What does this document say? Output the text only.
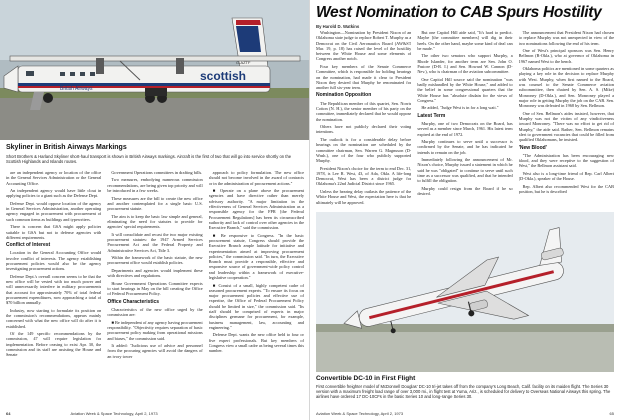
scottish
British Airways
G-AZTF
Skyliner in British Airways Markings
Short Brothers & Harland Skyliner short-haul transport is shown in British Airways markings. Aircraft is the first of two that will go into service shortly on the Scottish Highlands and Islands routes.

are an independent agency or location of the office in the General Services Administration or the General Accounting Office.

An independent agency would have little clout in applying policies to a giant such as the Defense Dept.

Defense Dept. would oppose location of the agency in General Services Administration, another operating agency engaged in procurement with procurement of such common items as buildings and typewriters.

There is concern that GSA might apply policies suitable to GSA but not to defense agencies with different requirements.

Conflict of Interest

Location in the General Accounting Office would involve conflict of interests. The agency establishing procurement policies would also be the agency investigating procurement actions.

Defense Dept.'s overall concern seems to be that the new office will be vested with too much power and will unnecessarily interfere in military procurements that account for approximately 70% of total federal procurement expenditures, now approaching a total of $70 billion annually.

Industry, now starting to formulate its position on the commission's recommendations, appears mainly concerned with what the new office will do after it is established.

Of the 149 specific recommendations by the commission, 47 will require legislation for implementation. Before ceasing to exist Apr. 30, the commission and its staff are assisting the House and Senate

Government Operations committees in drafting bills.

Two measures, embodying numerous commission recommendations, are being given top priority and will be introduced in a few weeks.

These measures are the bill to create the new office and another contemplated for a single basic U.S. procurement statute.

The aim is to keep the basic law simple and general, eliminating the need for statutes to provide for agencies' special requirements.

It will consolidate and recast the two major existing procurement statutes: the 1947 Armed Services Procurement Act and the Federal Property and Administrative Services Act, Title 3.

Within the framework of the basic statute, the new procurement office would establish policies.

Departments and agencies would implement these with directives and regulations.

House Government Operations Committee expects to start hearings in May on the bill creating the Office of Federal Procurement Policy.

Office Characteristics

Characteristics of the new office urged by the commission are:

■ Be independent of any agency having procurement responsibility. "Objectivity requires separation of basic procurement policy making from operational missions and biases," the commission said.

It added: "Judicious use of advice and personnel from the procuring agencies will avoid the dangers of an ivory tower

approach to policy formulation. The new office should not become involved in the award of contracts or in the administration of procurement actions."

■ Operate on a plane above the procurement agencies and have directive rather than merely advisory authority. "A major limitation in the effectiveness of General Services Administration as a responsible agency for the FPR [the Federal Procurement Regulations] has been its circumscribed authority and lack of control over other agencies in the Executive Branch," said the commission.

■ Be responsive to Congress. "In the basic procurement statute, Congress should provide the Executive Branch ample latitude for initiative and experimentation aimed at improving procurement policies," the commission said. "In turn, the Executive Branch must provide a responsible, effective and responsive source of government-wide policy control and leadership within a framework of executive-legislative cooperation."

■ Consist of a small, highly competent cadre of seasoned procurement experts. "To ensure its focus on major procurement policies and effective use of expertise, the Office of Federal Procurement Policy should be limited in size," the commission said. "Its staff should be comprised of experts in major disciplines germane for procurement, for example, business management, law, accounting and engineering."

Defense Dept. wants the new office held to four or five expert professionals. But key members of Congress view a small cadre as being several times this number.

64	Aviation Week & Space Technology, April 2, 1973
West Nomination to CAB Spurs Hostility
By Harold D. Watkins

Washington—Nomination by President Nixon of an Oklahoma state judge to replace Robert T. Murphy as a Democrat on the Civil Aeronautics Board (AW&ST Mar. 19, p. 18) has raised the level of the hostility between the White House and some elements of Congress another notch.

Four key members of the Senate Commerce Committee, which is responsible for holding hearings on the nomination, had made it clear to President Nixon they desired that Murphy be renominated for another full six-year term.

Nomination Opposition

The Republican member of this quartet, Sen. Norris Cotton (N. H.), the senior member of his party on the committee, immediately declared that he would oppose the nomination.

Others have not publicly declared their voting intentions.

The outlook is for a considerable delay before hearings on the nomination are scheduled by the committee chairman, Sen. Warren G. Magnuson (D-Wash.), one of the four who publicly supported Murphy.

President Nixon's choice for the term to end Dec. 31, 1978, is Lee R. West, 43, of Ada, Okla. A life-long Democrat, West has been a district judge for Oklahoma's 22nd Judicial District since 1965.

Unless the hearing delay outlasts the patience of the White House and West, the expectation here is that he ultimately will be approved.

But one Capitol Hill aide said, "It's hard to predict. Maybe [the committee members] will dig in their heels. On the other hand, maybe some kind of deal can be made."

The other two senators who support Murphy, a Rhode Islander, for another term are Sen. John O. Pastore (D-R. I.) and Sen. Howard W. Cannon (D-Nev.), who is chairman of the aviation subcommittee.

One Capitol Hill source said the nomination "was badly mishandled by the White House," and added to the belief in some congressional quarters that the White House has "absolute disdain for the views of Congress."

He added, "Judge West is in for a long wait."

Latest Term

Murphy, one of two Democrats on the Board, has served as a member since March, 1961. His latest term expired at the end of 1972.

Murphy continues to serve until a successor is confirmed by the Senate, and he has indicated he intends to remain on the job.

Immediately following the announcement of Mr. Nixon's choice, Murphy issued a statement in which he said he was "obligated" to continue to serve until such time as a successor was qualified, and that he intended to fulfill the obligation.

Murphy could resign from the Board if he so desired.

The announcement that President Nixon had chosen to replace Murphy was not unexpected in view of the two nominations following the end of his term.

One of West's principal sponsors was Sen. Henry Bellmon (R-Okla.), who at governor of Oklahoma in 1967 named West to the bench.

Oklahoma politics are mentioned in some quarters as playing a key role in the decision to replace Murphy with West. Murphy, when first named to the Board, was counsel to the Senate Commerce aviation subcommittee, then chaired by Sen. A. S. (Mike) Monroney (D-Okla.), and Sen. Monroney played a major role in getting Murphy the job on the CAB. Sen. Monroney was defeated in 1968 by Sen. Bellmon.

One of Sen. Bellmon's aides insisted, however, that Murphy was not the victim of any vindictiveness toward Monroney. "There was no effort to get rid of Murphy," the aide said. Rather, Sen. Bellmon remains alert to government vacancies that could be filled from qualified Oklahomans, he insisted.

'New Blood'

"The Administration has been encouraging new blood, and they were receptive to the suggestion of West," the Bellmon assistant said.

West also is a long-time friend of Rep. Carl Albert (D-Okla.), speaker of the House.

Rep. Albert also recommended West for the CAB position, but he is described

Convertible DC-10 in First Flight
First convertible freighter model of McDonnell Douglas' DC-10 tri-jet takes off from the company's Long Beach, Calif. facility on its maiden flight. The Series 30 version with a maximum freight load range of over 3,000 mi., in flight test at Yuma, Ariz., is scheduled for delivery to Overseas National Airways this spring. The airlines have ordered 17 DC-10CFs in the basic Series 10 and long-range Series 30.
Aviation Week & Space Technology, April 2, 1973	65
